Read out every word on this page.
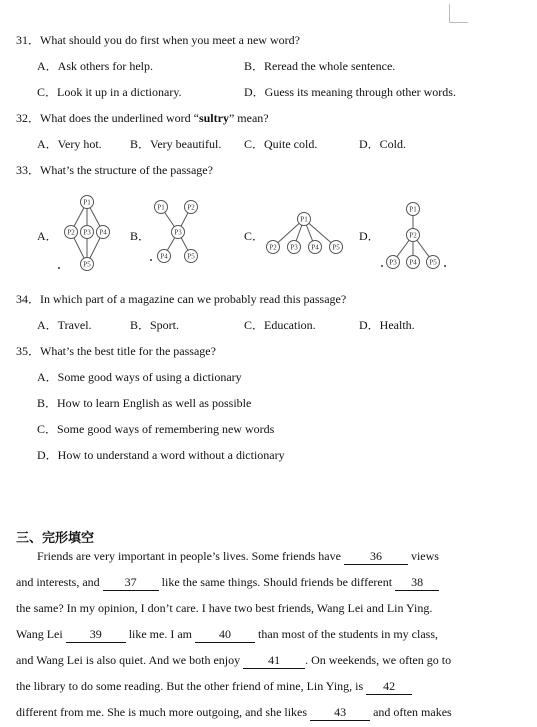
31．What should you do first when you meet a new word?
A．Ask others for help.	B．Reread the whole sentence.
C．Look it up in a dictionary.	D．Guess its meaning through other words.
32．What does the underlined word “sultry” mean?
A．Very hot. B．Very beautiful. C．Quite cold.	D．Cold.
33．What’s the structure of the passage?
A．	B．	C．	D．
P1
P2 P3 P4
P5
P1	P2
P3
P4	P5
P1
P2 P3 P4 P5
P1
P2
P3 P4 P5
34．In which part of a magazine can we probably read this passage?
A．Travel.	B．Sport.	C．Education.	D．Health.
35．What’s the best title for the passage?
A．Some good ways of using a dictionary
B．How to learn English as well as possible
C．Some good ways of remembering new words
D．How to understand a word without a dictionary
三、完形填空
Friends are very important in people’s lives. Some friends have 36 views
and interests, and 37 like the same things. Should friends be different 38
the same? In my opinion, I don’t care. I have two best friends, Wang Lei and Lin Ying.
Wang Lei 39 like me. I am 40 than most of the students in my class,
and Wang Lei is also quiet. And we both enjoy 41 . On weekends, we often go to
the library to do some reading. But the other friend of mine, Lin Ying, is 42
different from me. She is much more outgoing, and she likes 43 and often makes
